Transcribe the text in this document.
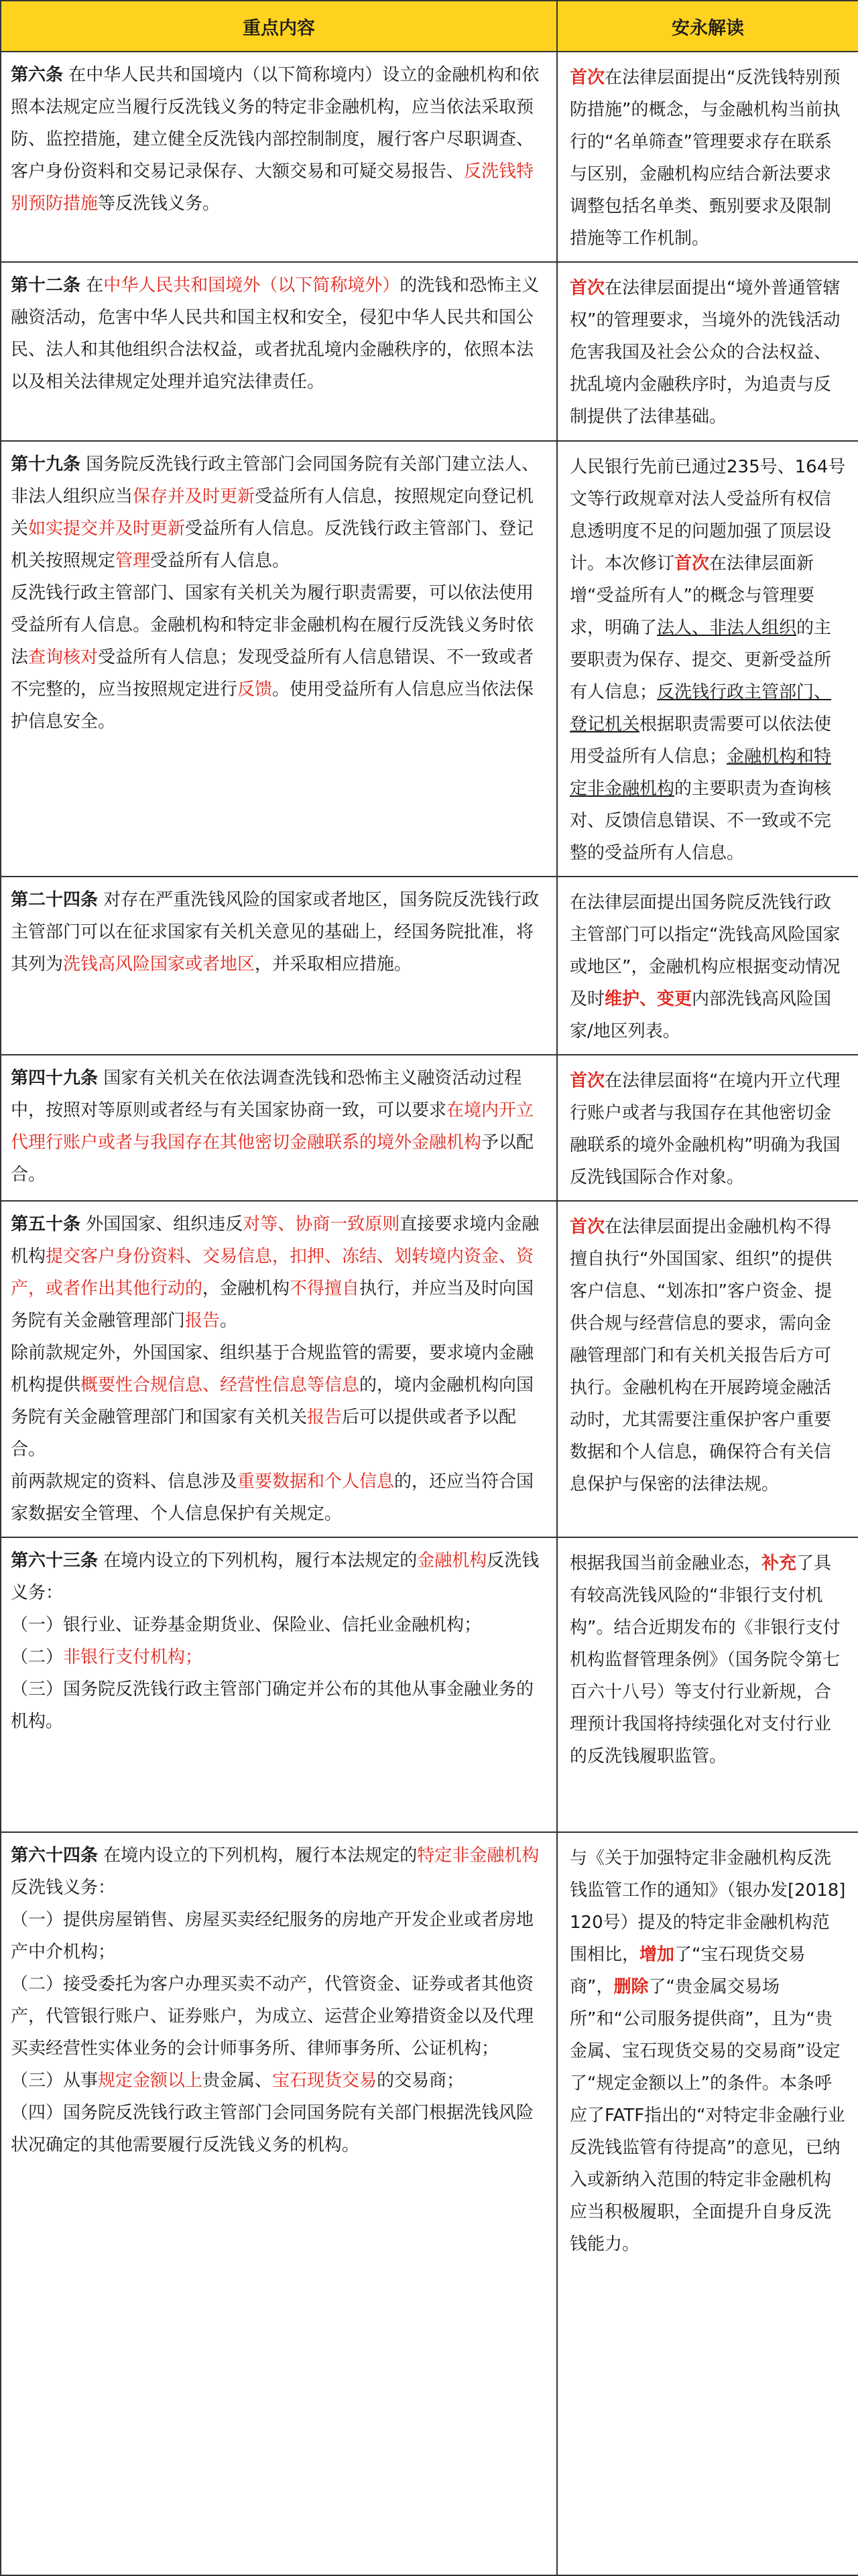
重点内容	安永解读

第六条 在中华人民共和国境内（以下简称境内）设立的金融机构和依照本法规定应当履行反洗钱义务的特定非金融机构，应当依法采取预防、监控措施，建立健全反洗钱内部控制制度，履行客户尽职调查、客户身份资料和交易记录保存、大额交易和可疑交易报告、反洗钱特别预防措施等反洗钱义务。	首次在法律层面提出“反洗钱特别预防措施”的概念，与金融机构当前执行的“名单筛查”管理要求存在联系与区别，金融机构应结合新法要求调整包括名单类、甄别要求及限制措施等工作机制。

第十二条 在中华人民共和国境外（以下简称境外）的洗钱和恐怖主义融资活动，危害中华人民共和国主权和安全，侵犯中华人民共和国公民、法人和其他组织合法权益，或者扰乱境内金融秩序的，依照本法以及相关法律规定处理并追究法律责任。	首次在法律层面提出“境外普通管辖权”的管理要求，当境外的洗钱活动危害我国及社会公众的合法权益、扰乱境内金融秩序时，为追责与反制提供了法律基础。

第十九条 国务院反洗钱行政主管部门会同国务院有关部门建立法人、非法人组织应当保存并及时更新受益所有人信息，按照规定向登记机关如实提交并及时更新受益所有人信息。反洗钱行政主管部门、登记机关按照规定管理受益所有人信息。

反洗钱行政主管部门、国家有关机关为履行职责需要，可以依法使用受益所有人信息。金融机构和特定非金融机构在履行反洗钱义务时依法查询核对受益所有人信息；发现受益所有人信息错误、不一致或者不完整的，应当按照规定进行反馈。使用受益所有人信息应当依法保护信息安全。	人民银行先前已通过235号、164号文等行政规章对法人受益所有权信息透明度不足的问题加强了顶层设计。本次修订首次在法律层面新增“受益所有人”的概念与管理要求，明确了法人、非法人组织的主要职责为保存、提交、更新受益所有人信息；反洗钱行政主管部门、登记机关根据职责需要可以依法使用受益所有人信息；金融机构和特定非金融机构的主要职责为查询核对、反馈信息错误、不一致或不完整的受益所有人信息。

第二十四条 对存在严重洗钱风险的国家或者地区，国务院反洗钱行政主管部门可以在征求国家有关机关意见的基础上，经国务院批准，将其列为洗钱高风险国家或者地区，并采取相应措施。	在法律层面提出国务院反洗钱行政主管部门可以指定“洗钱高风险国家或地区”，金融机构应根据变动情况及时维护、变更内部洗钱高风险国家/地区列表。

第四十九条 国家有关机关在依法调查洗钱和恐怖主义融资活动过程中，按照对等原则或者经与有关国家协商一致，可以要求在境内开立代理行账户或者与我国存在其他密切金融联系的境外金融机构予以配合。	首次在法律层面将“在境内开立代理行账户或者与我国存在其他密切金融联系的境外金融机构”明确为我国反洗钱国际合作对象。

第五十条 外国国家、组织违反对等、协商一致原则直接要求境内金融机构提交客户身份资料、交易信息，扣押、冻结、划转境内资金、资产，或者作出其他行动的，金融机构不得擅自执行，并应当及时向国务院有关金融管理部门报告。

除前款规定外，外国国家、组织基于合规监管的需要，要求境内金融机构提供概要性合规信息、经营性信息等信息的，境内金融机构向国务院有关金融管理部门和国家有关机关报告后可以提供或者予以配合。

前两款规定的资料、信息涉及重要数据和个人信息的，还应当符合国家数据安全管理、个人信息保护有关规定。	首次在法律层面提出金融机构不得擅自执行“外国国家、组织”的提供客户信息、“划冻扣”客户资金、提供合规与经营信息的要求，需向金融管理部门和有关机关报告后方可执行。金融机构在开展跨境金融活动时，尤其需要注重保护客户重要数据和个人信息，确保符合有关信息保护与保密的法律法规。

第六十三条 在境内设立的下列机构，履行本法规定的金融机构反洗钱义务：

（一）银行业、证券基金期货业、保险业、信托业金融机构；

（二）非银行支付机构；

（三）国务院反洗钱行政主管部门确定并公布的其他从事金融业务的机构。	根据我国当前金融业态，补充了具有较高洗钱风险的“非银行支付机构”。结合近期发布的《非银行支付机构监督管理条例》（国务院令第七百六十八号）等支付行业新规，合理预计我国将持续强化对支付行业的反洗钱履职监管。

第六十四条 在境内设立的下列机构，履行本法规定的特定非金融机构反洗钱义务：

（一）提供房屋销售、房屋买卖经纪服务的房地产开发企业或者房地产中介机构；

（二）接受委托为客户办理买卖不动产，代管资金、证券或者其他资产，代管银行账户、证券账户，为成立、运营企业筹措资金以及代理买卖经营性实体业务的会计师事务所、律师事务所、公证机构；

（三）从事规定金额以上贵金属、宝石现货交易的交易商；

（四）国务院反洗钱行政主管部门会同国务院有关部门根据洗钱风险状况确定的其他需要履行反洗钱义务的机构。	与《关于加强特定非金融机构反洗钱监管工作的通知》（银办发[2018]120号）提及的特定非金融机构范围相比，增加了“宝石现货交易商”，删除了“贵金属交易场所”和“公司服务提供商”，且为“贵金属、宝石现货交易的交易商”设定了“规定金额以上”的条件。本条呼应了FATF指出的“对特定非金融行业反洗钱监管有待提高”的意见，已纳入或新纳入范围的特定非金融机构应当积极履职，全面提升自身反洗钱能力。
